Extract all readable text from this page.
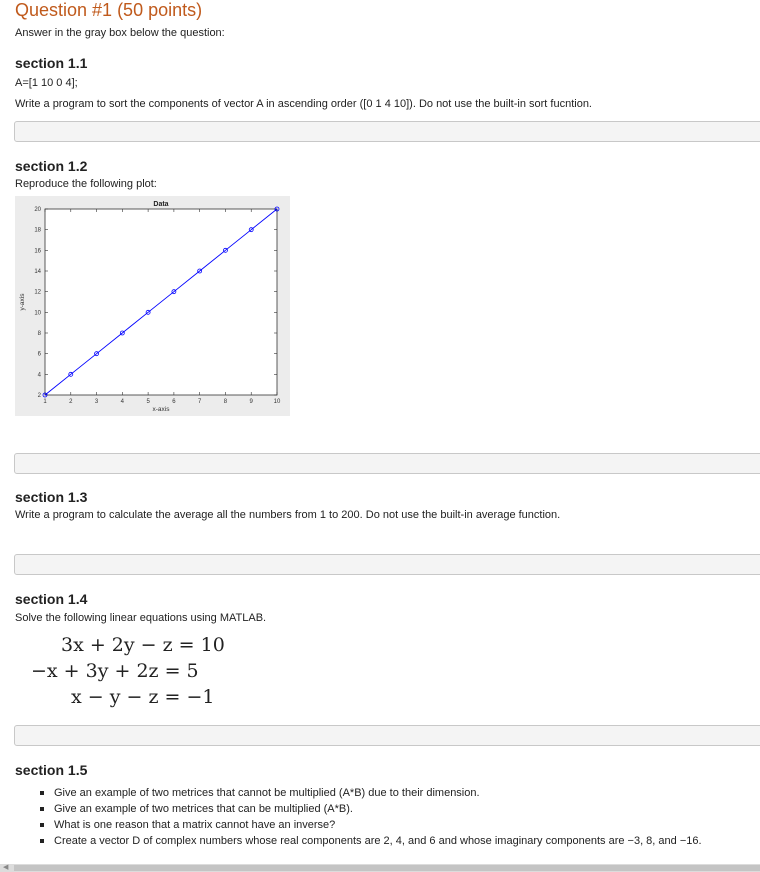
Question #1 (50 points)
Answer in the gray box below the question:
section 1.1
A=[1 10 0 4];
Write a program to sort the components of vector A in ascending order ([0 1 4 10]). Do not use the built-in sort fucntion.
section 1.2
Reproduce the following plot:
1	2	3	4	5	6	7	8	9	10
2
4
6
8
10
12
14
16
18
20
Data
x-axis
y-axis
section 1.3
Write a program to calculate the average all the numbers from 1 to 200. Do not use the built-in average function.
section 1.4
Solve the following linear equations using MATLAB.
3x + 2y − z = 10
−x + 3y + 2z = 5
x − y − z = −1
section 1.5
Give an example of two metrices that cannot be multiplied (A*B) due to their dimension.
Give an example of two metrices that can be multiplied (A*B).
What is one reason that a matrix cannot have an inverse?
Create a vector D of complex numbers whose real components are 2, 4, and 6 and whose imaginary components are −3, 8, and −16.
◀
